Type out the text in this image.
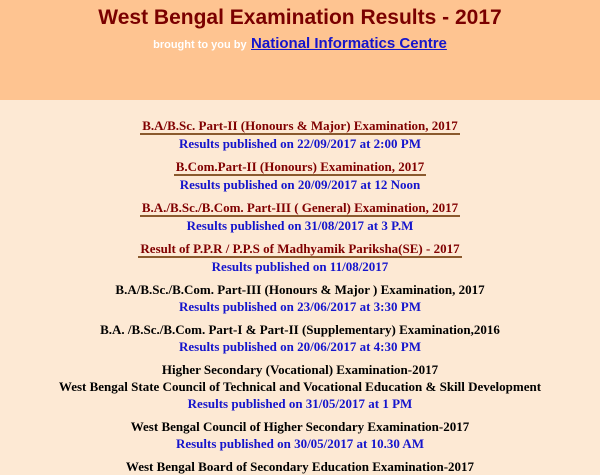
West Bengal Examination Results - 2017
brought to you by National Informatics Centre
B.A/B.Sc. Part-II (Honours & Major) Examination, 2017
Results published on 22/09/2017 at 2:00 PM
B.Com.Part-II (Honours) Examination, 2017
Results published on 20/09/2017 at 12 Noon
B.A./B.Sc./B.Com. Part-III ( General) Examination, 2017
Results published on 31/08/2017 at 3 P.M
Result of P.P.R / P.P.S of Madhyamik Pariksha(SE) - 2017
Results published on 11/08/2017
B.A/B.Sc./B.Com. Part-III (Honours & Major ) Examination, 2017
Results published on 23/06/2017 at 3:30 PM
B.A. /B.Sc./B.Com. Part-I & Part-II (Supplementary) Examination,2016
Results published on 20/06/2017 at 4:30 PM
Higher Secondary (Vocational) Examination-2017
West Bengal State Council of Technical and Vocational Education & Skill Development
Results published on 31/05/2017 at 1 PM
West Bengal Council of Higher Secondary Examination-2017
Results published on 30/05/2017 at 10.30 AM
West Bengal Board of Secondary Education Examination-2017
